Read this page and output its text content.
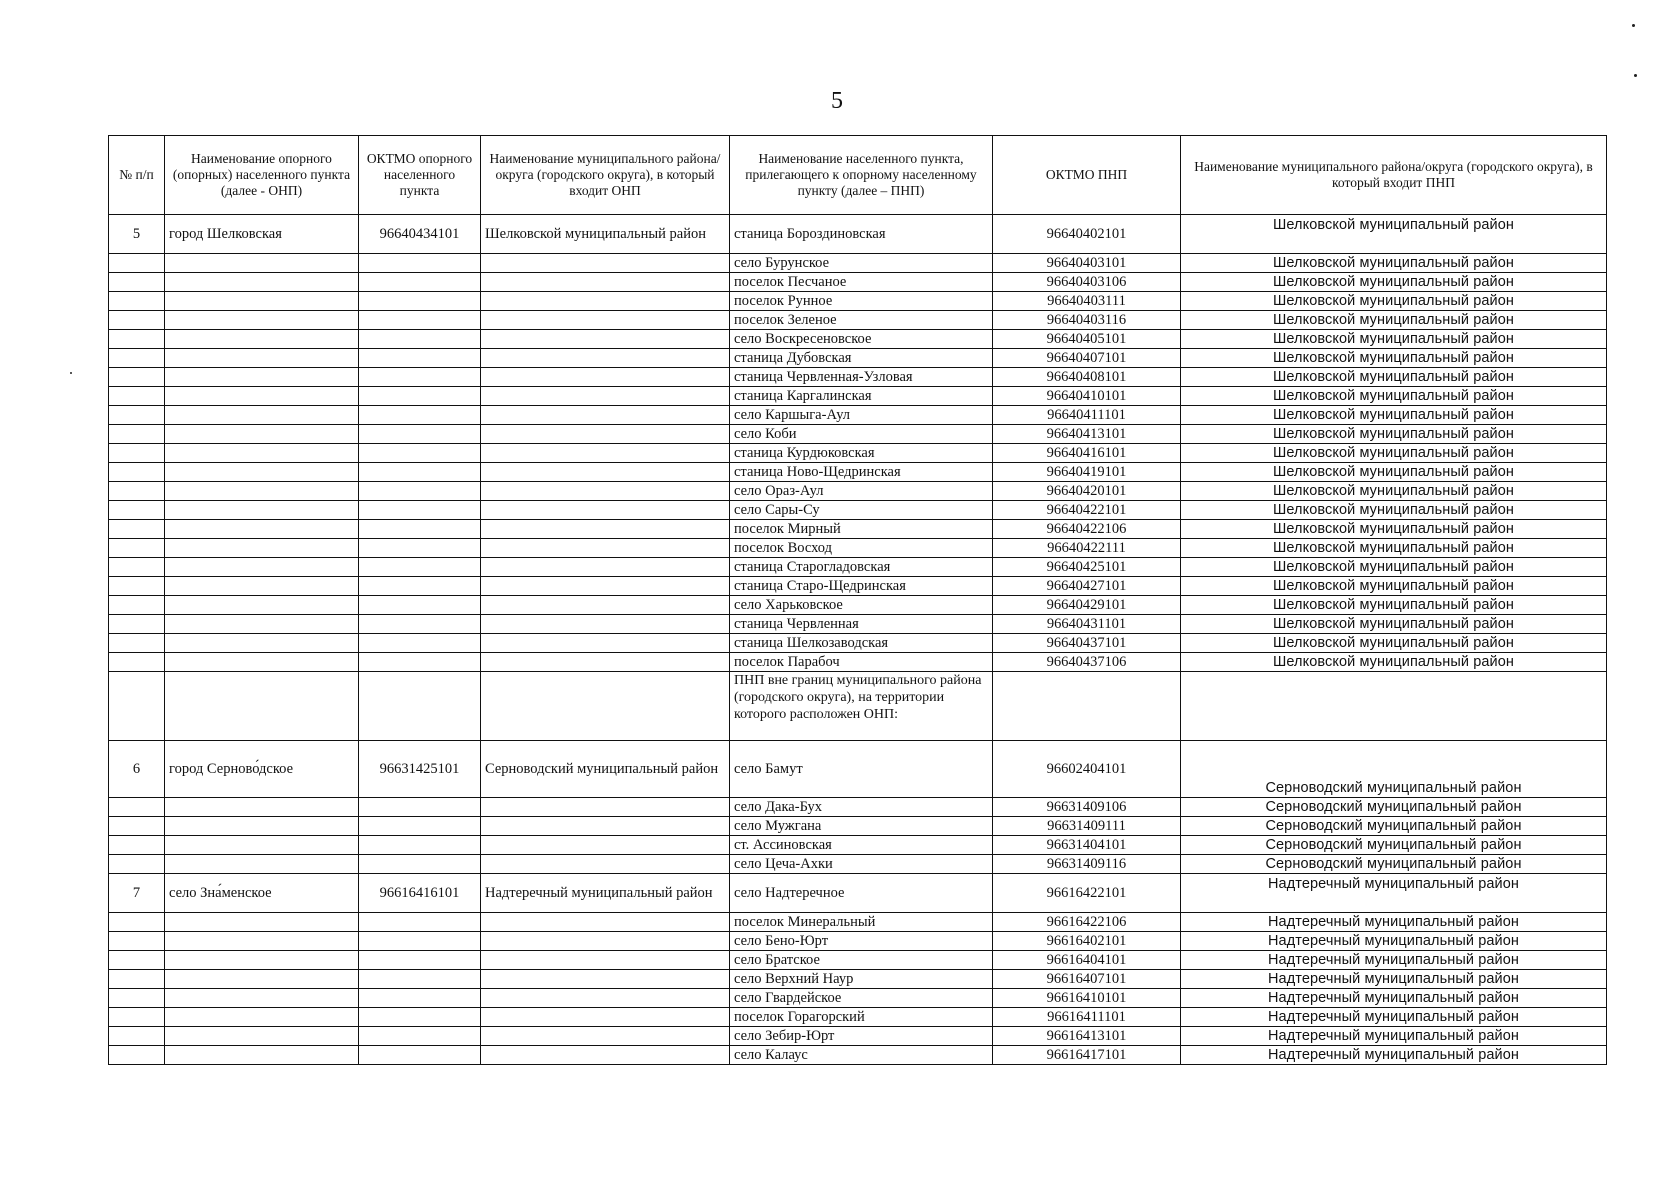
5
№ п/п	Наименование опорного (опорных) населенного пункта (далее - ОНП)	ОКТМО опорного населенного пункта	Наименование муниципального района/округа (городского округа), в который входит ОНП	Наименование населенного пункта, прилегающего к опорному населенному пункту (далее – ПНП)	ОКТМО ПНП	Наименование муниципального района/округа (городского округа), в который входит ПНП
5	город Шелковская	96640434101	Шелковской муниципальный район	станица Бороздиновская	96640402101	Шелковской муниципальный район
				село Бурунское	96640403101	Шелковской муниципальный район
				поселок Песчаное	96640403106	Шелковской муниципальный район
				поселок Рунное	96640403111	Шелковской муниципальный район
				поселок Зеленое	96640403116	Шелковской муниципальный район
				село Воскресеновское	96640405101	Шелковской муниципальный район
				станица Дубовская	96640407101	Шелковской муниципальный район
				станица Червленная-Узловая	96640408101	Шелковской муниципальный район
				станица Каргалинская	96640410101	Шелковской муниципальный район
				село Каршыга-Аул	96640411101	Шелковской муниципальный район
				село Коби	96640413101	Шелковской муниципальный район
				станица Курдюковская	96640416101	Шелковской муниципальный район
				станица Ново-Щедринская	96640419101	Шелковской муниципальный район
				село Ораз-Аул	96640420101	Шелковской муниципальный район
				село Сары-Су	96640422101	Шелковской муниципальный район
				поселок Мирный	96640422106	Шелковской муниципальный район
				поселок Восход	96640422111	Шелковской муниципальный район
				станица Старогладовская	96640425101	Шелковской муниципальный район
				станица Старо-Щедринская	96640427101	Шелковской муниципальный район
				село Харьковское	96640429101	Шелковской муниципальный район
				станица Червленная	96640431101	Шелковской муниципальный район
				станица Шелкозаводская	96640437101	Шелковской муниципальный район
				поселок Парабоч	96640437106	Шелковской муниципальный район
				ПНП вне границ муниципального района (городского округа), на территории которого расположен ОНП:		
6	город Серново́дское	96631425101	Серноводский муниципальный район	село Бамут	96602404101	Серноводский муниципальный район
				село Дака-Бух	96631409106	Серноводский муниципальный район
				село Мужгана	96631409111	Серноводский муниципальный район
				ст. Ассиновская	96631404101	Серноводский муниципальный район
				село Цеча-Ахки	96631409116	Серноводский муниципальный район
7	село Зна́менское	96616416101	Надтеречный муниципальный район	село Надтеречное	96616422101	Надтеречный муниципальный район
				поселок Минеральный	96616422106	Надтеречный муниципальный район
				село Бено-Юрт	96616402101	Надтеречный муниципальный район
				село Братское	96616404101	Надтеречный муниципальный район
				село Верхний Наур	96616407101	Надтеречный муниципальный район
				село Гвардейское	96616410101	Надтеречный муниципальный район
				поселок Горагорский	96616411101	Надтеречный муниципальный район
				село Зебир-Юрт	96616413101	Надтеречный муниципальный район
				село Калаус	96616417101	Надтеречный муниципальный район
